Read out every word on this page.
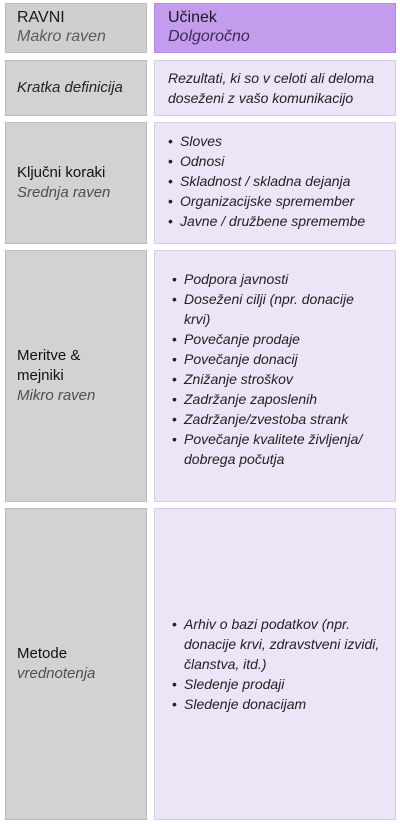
RAVNI
Makro raven
Učinek
Dolgoročno
Kratka definicija
Rezultati, ki so v celoti ali deloma doseženi z vašo komunikacijo
Ključni koraki
Srednja raven
• Sloves
• Odnosi
• Skladnost / skladna dejanja
• Organizacijske spremember
• Javne / družbene spremembe
Meritve & mejniki
Mikro raven
• Podpora javnosti
• Doseženi cilji (npr. donacije krvi)
• Povečanje prodaje
• Povečanje donacij
• Znižanje stroškov
• Zadržanje zaposlenih
• Zadržanje/zvestoba strank
• Povečanje kvalitete življenja/ dobrega počutja
Metode
vrednotenja
• Arhiv o bazi podatkov (npr. donacije krvi, zdravstveni izvidi, članstva, itd.)
• Sledenje prodaji
• Sledenje donacijam
